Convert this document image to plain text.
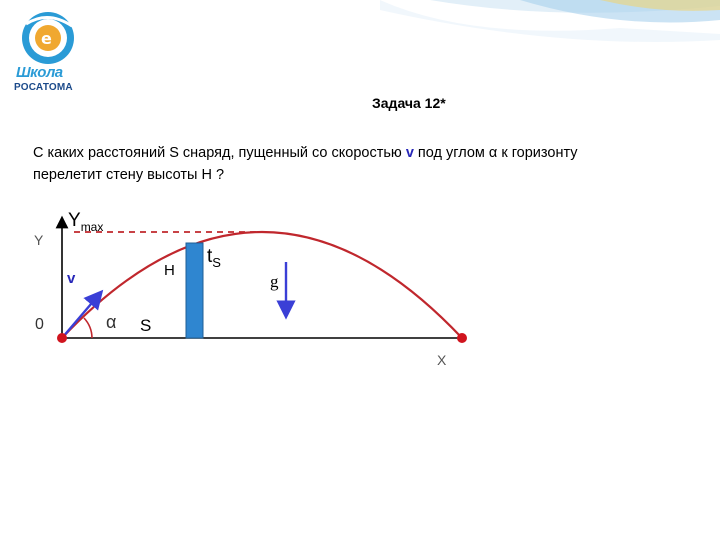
e
Школа
РОСАТОМА
Задача 12*
С каких расстояний S снаряд, пущенный со скоростью v под углом α к горизонту перелетит стену высоты H ?
Y
$Y_{max}$
0
v
α S
H
$t_S$
g
X
